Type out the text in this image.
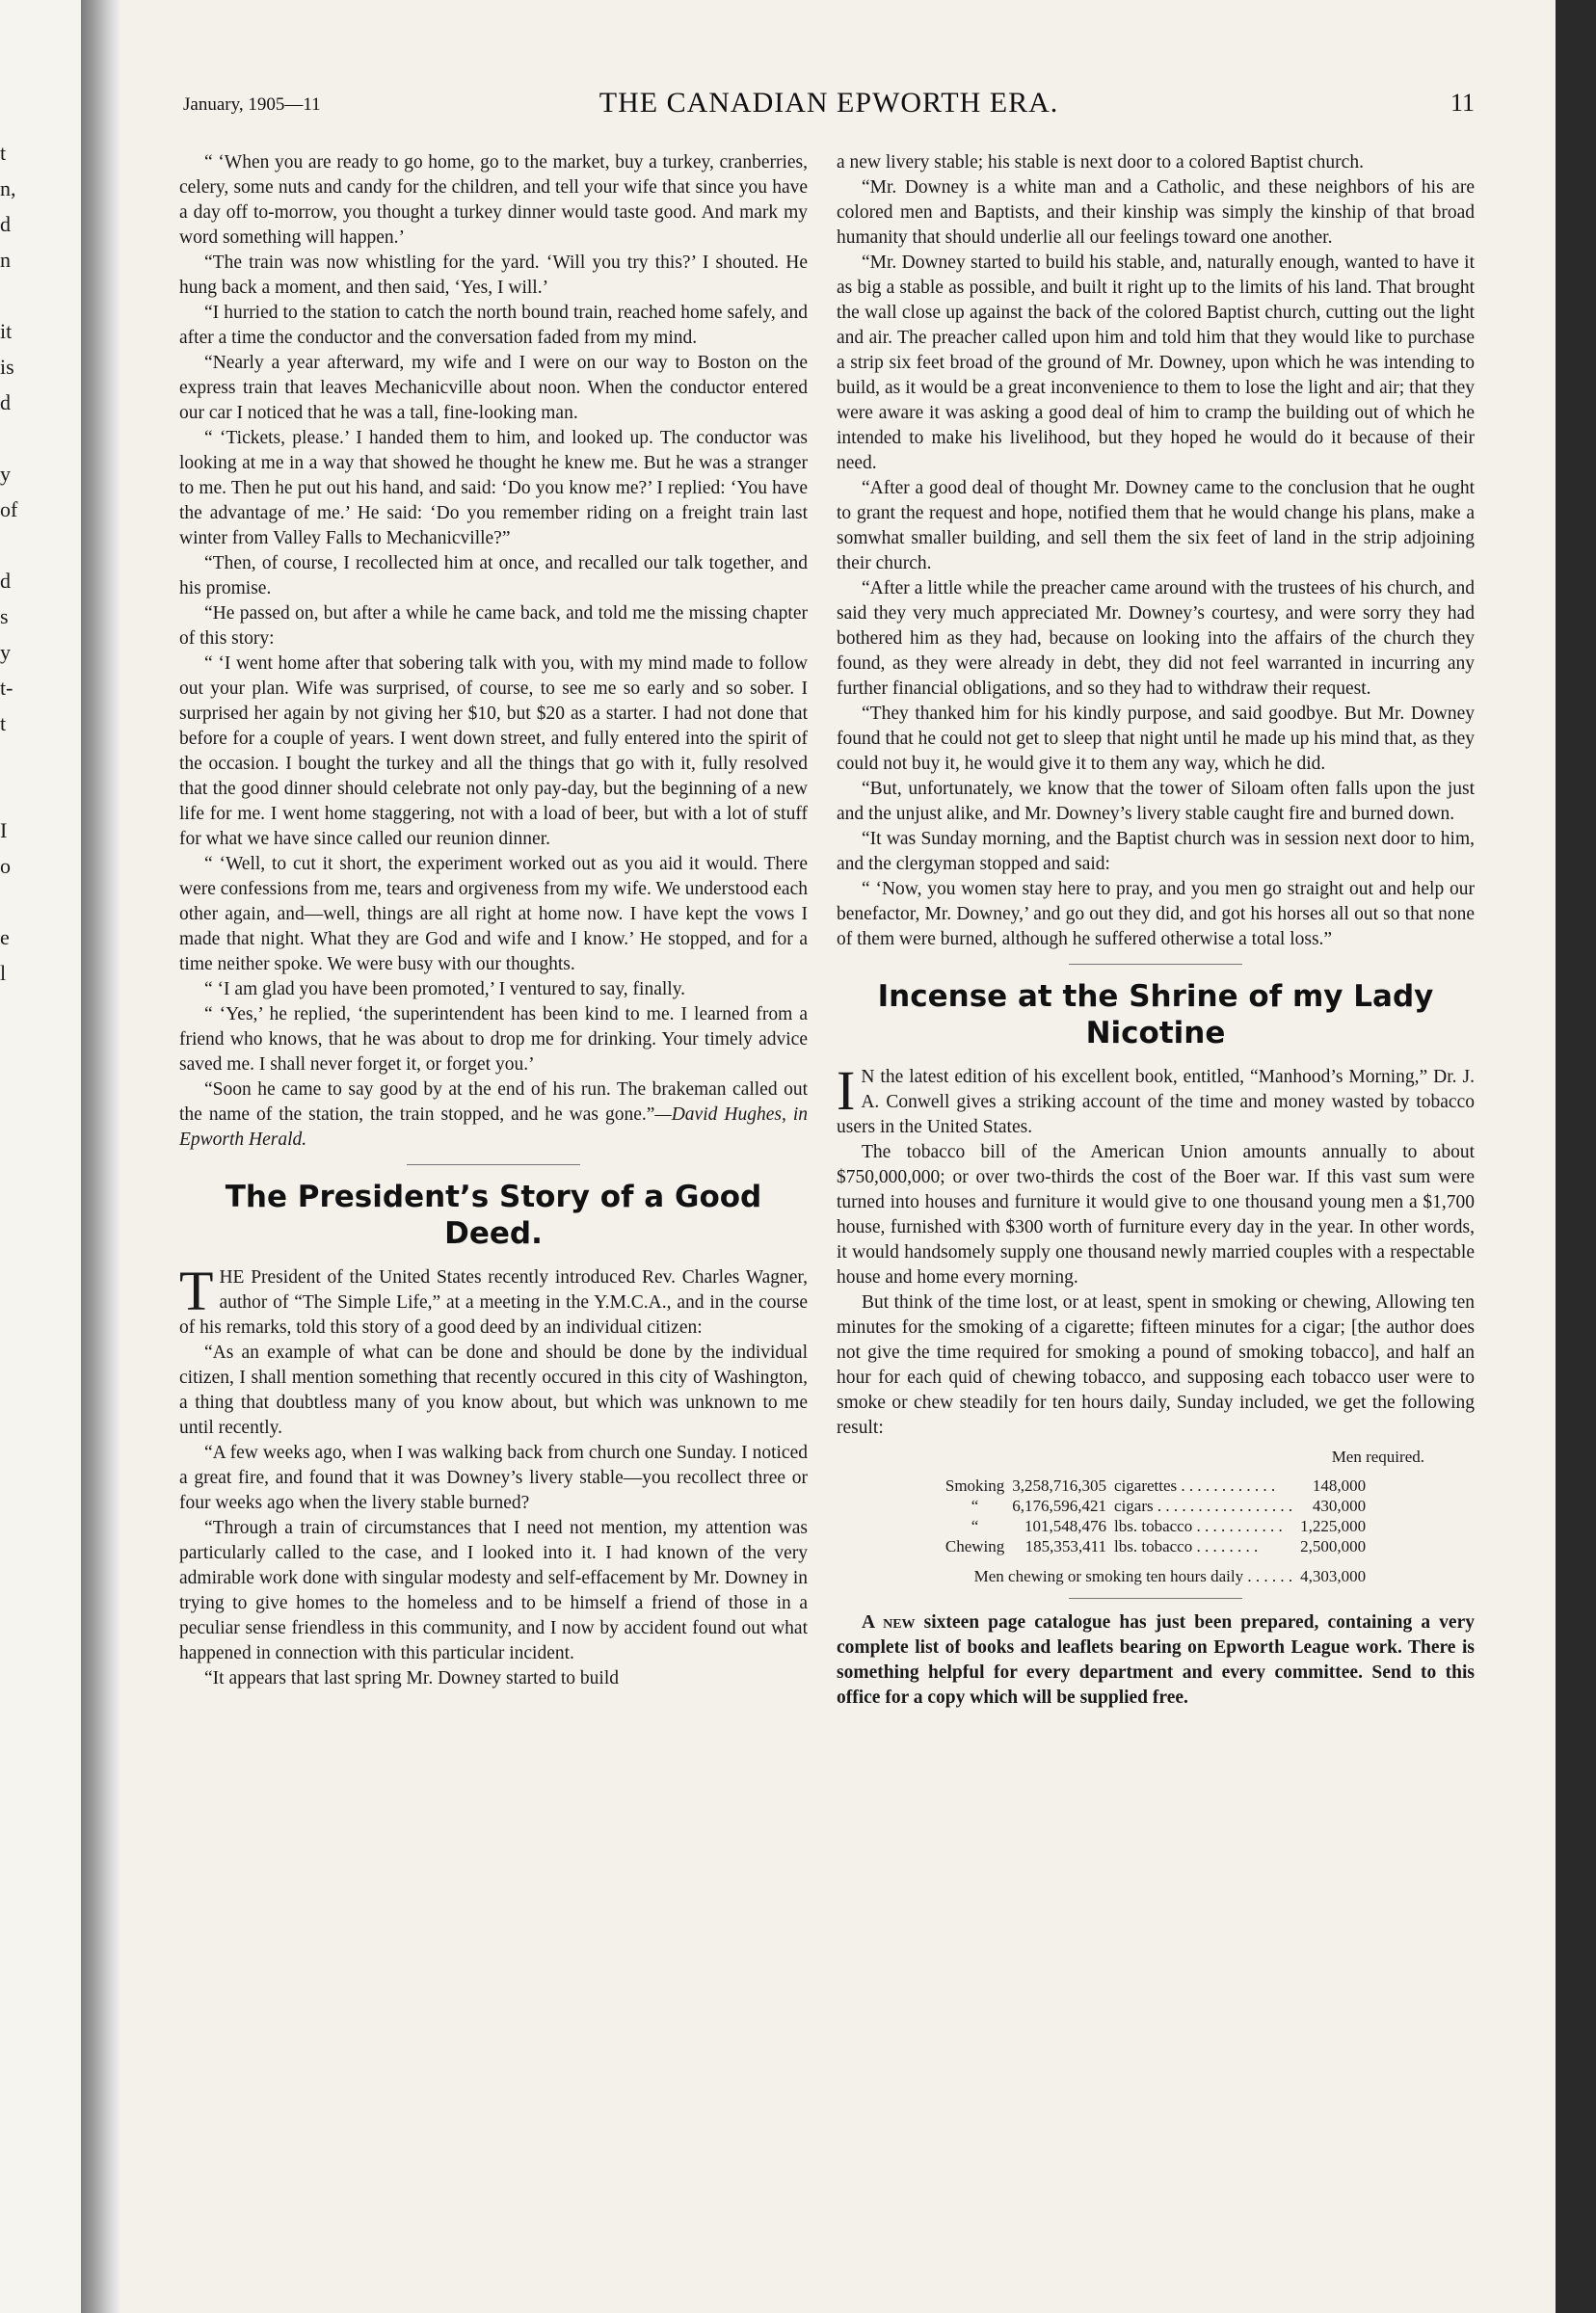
t
n,
d
n
it
is
d
y
of
d
s
y
t-
t
I
o
e
l
January, 1905—11	THE CANADIAN EPWORTH ERA.	11

“ ‘When you are ready to go home, go to the market, buy a turkey, cranberries, celery, some nuts and candy for the children, and tell your wife that since you have a day off to-morrow, you thought a turkey dinner would taste good. And mark my word something will happen.’

“The train was now whistling for the yard. ‘Will you try this?’ I shouted. He hung back a moment, and then said, ‘Yes, I will.’

“I hurried to the station to catch the north bound train, reached home safely, and after a time the conductor and the conversation faded from my mind.

“Nearly a year afterward, my wife and I were on our way to Boston on the express train that leaves Mechanicville about noon. When the conductor entered our car I noticed that he was a tall, fine-looking man.

“ ‘Tickets, please.’ I handed them to him, and looked up. The conductor was looking at me in a way that showed he thought he knew me. But he was a stranger to me. Then he put out his hand, and said: ‘Do you know me?’ I replied: ‘You have the advantage of me.’ He said: ‘Do you remember riding on a freight train last winter from Valley Falls to Mechanicville?”

“Then, of course, I recollected him at once, and recalled our talk together, and his promise.

“He passed on, but after a while he came back, and told me the missing chapter of this story:

“ ‘I went home after that sobering talk with you, with my mind made to follow out your plan. Wife was surprised, of course, to see me so early and so sober. I surprised her again by not giving her $10, but $20 as a starter. I had not done that before for a couple of years. I went down street, and fully entered into the spirit of the occasion. I bought the turkey and all the things that go with it, fully resolved that the good dinner should celebrate not only pay-day, but the beginning of a new life for me. I went home staggering, not with a load of beer, but with a lot of stuff for what we have since called our reunion dinner.

“ ‘Well, to cut it short, the experiment worked out as you aid it would. There were confessions from me, tears and orgiveness from my wife. We understood each other again, and—well, things are all right at home now. I have kept the vows I made that night. What they are God and wife and I know.’ He stopped, and for a time neither spoke. We were busy with our thoughts.

“ ‘I am glad you have been promoted,’ I ventured to say, finally.

“ ‘Yes,’ he replied, ‘the superintendent has been kind to me. I learned from a friend who knows, that he was about to drop me for drinking. Your timely advice saved me. I shall never forget it, or forget you.’

“Soon he came to say good by at the end of his run. The brakeman called out the name of the station, the train stopped, and he was gone.”—David Hughes, in Epworth Herald.

The President’s Story of a Good Deed.

THE President of the United States recently introduced Rev. Charles Wagner, author of “The Simple Life,” at a meeting in the Y.M.C.A., and in the course of his remarks, told this story of a good deed by an individual citizen:

“As an example of what can be done and should be done by the individual citizen, I shall mention something that recently occured in this city of Washington, a thing that doubtless many of you know about, but which was unknown to me until recently.

“A few weeks ago, when I was walking back from church one Sunday. I noticed a great fire, and found that it was Downey’s livery stable—you recollect three or four weeks ago when the livery stable burned?

“Through a train of circumstances that I need not mention, my attention was particularly called to the case, and I looked into it. I had known of the very admirable work done with singular modesty and self-effacement by Mr. Downey in trying to give homes to the homeless and to be himself a friend of those in a peculiar sense friendless in this community, and I now by accident found out what happened in connection with this particular incident.

“It appears that last spring Mr. Downey started to build

a new livery stable; his stable is next door to a colored Baptist church.

“Mr. Downey is a white man and a Catholic, and these neighbors of his are colored men and Baptists, and their kinship was simply the kinship of that broad humanity that should underlie all our feelings toward one another.

“Mr. Downey started to build his stable, and, naturally enough, wanted to have it as big a stable as possible, and built it right up to the limits of his land. That brought the wall close up against the back of the colored Baptist church, cutting out the light and air. The preacher called upon him and told him that they would like to purchase a strip six feet broad of the ground of Mr. Downey, upon which he was intending to build, as it would be a great inconvenience to them to lose the light and air; that they were aware it was asking a good deal of him to cramp the building out of which he intended to make his livelihood, but they hoped he would do it because of their need.

“After a good deal of thought Mr. Downey came to the conclusion that he ought to grant the request and hope, notified them that he would change his plans, make a somwhat smaller building, and sell them the six feet of land in the strip adjoining their church.

“After a little while the preacher came around with the trustees of his church, and said they very much appreciated Mr. Downey’s courtesy, and were sorry they had bothered him as they had, because on looking into the affairs of the church they found, as they were already in debt, they did not feel warranted in incurring any further financial obligations, and so they had to withdraw their request.

“They thanked him for his kindly purpose, and said goodbye. But Mr. Downey found that he could not get to sleep that night until he made up his mind that, as they could not buy it, he would give it to them any way, which he did.

“But, unfortunately, we know that the tower of Siloam often falls upon the just and the unjust alike, and Mr. Downey’s livery stable caught fire and burned down.

“It was Sunday morning, and the Baptist church was in session next door to him, and the clergyman stopped and said:

“ ‘Now, you women stay here to pray, and you men go straight out and help our benefactor, Mr. Downey,’ and go out they did, and got his horses all out so that none of them were burned, although he suffered otherwise a total loss.”

Incense at the Shrine of my Lady Nicotine

I N the latest edition of his excellent book, entitled, “Manhood’s Morning,” Dr. J. A. Conwell gives a striking account of the time and money wasted by tobacco users in the United States.

The tobacco bill of the American Union amounts annually to about $750,000,000; or over two-thirds the cost of the Boer war. If this vast sum were turned into houses and furniture it would give to one thousand young men a $1,700 house, furnished with $300 worth of furniture every day in the year. In other words, it would handsomely supply one thousand newly married couples with a respectable house and home every morning.

But think of the time lost, or at least, spent in smoking or chewing, Allowing ten minutes for the smoking of a cigarette; fifteen minutes for a cigar; [the author does not give the time required for smoking a pound of smoking tobacco], and half an hour for each quid of chewing tobacco, and supposing each tobacco user were to smoke or chew steadily for ten hours daily, Sunday included, we get the following result:

Men required.
Smoking	3,258,716,305	cigarettes . . . . . . . . . . . .	148,000
“	6,176,596,421	cigars . . . . . . . . . . . . . . . . .	430,000
“	101,548,476	lbs. tobacco . . . . . . . . . . .	1,225,000
Chewing	185,353,411	lbs. tobacco . . . . . . . .	2,500,000
Men chewing or smoking ten hours daily . . . . . .			4,303,000

A new sixteen page catalogue has just been prepared, containing a very complete list of books and leaflets bearing on Epworth League work. There is something helpful for every department and every committee. Send to this office for a copy which will be supplied free.
